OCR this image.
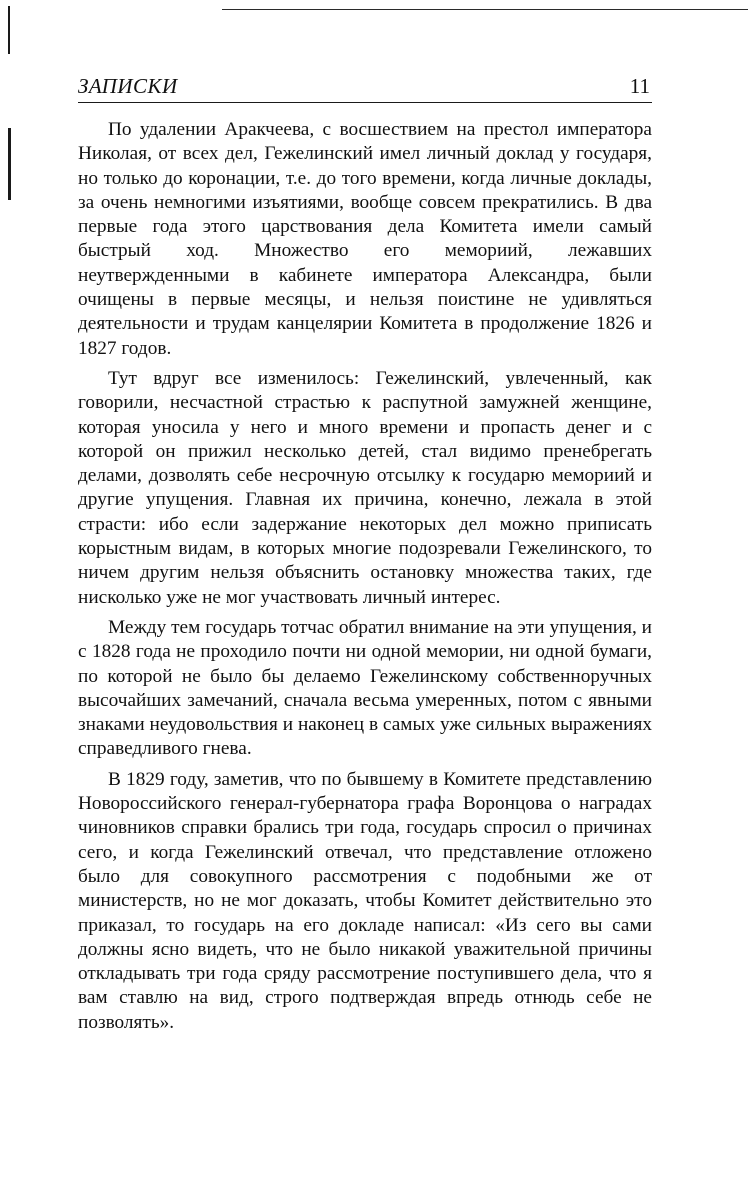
ЗАПИСКИ	11

По удалении Аракчеева, с восшествием на престол императора Николая, от всех дел, Гежелинский имел личный доклад у государя, но только до коронации, т.е. до того времени, когда личные доклады, за очень немногими изъятиями, вообще совсем прекратились. В два первые года этого царствования дела Комитета имели самый быстрый ход. Множество его мемориий, лежавших неутвержденными в кабинете императора Александра, были очищены в первые месяцы, и нельзя поистине не удивляться деятельности и трудам канцелярии Комитета в продолжение 1826 и 1827 годов.

Тут вдруг все изменилось: Гежелинский, увлеченный, как говорили, несчастной страстью к распутной замужней женщине, которая уносила у него и много времени и пропасть денег и с которой он прижил несколько детей, стал видимо пренебрегать делами, дозволять себе несрочную отсылку к государю мемориий и другие упущения. Главная их причина, конечно, лежала в этой страсти: ибо если задержание некоторых дел можно приписать корыстным видам, в которых многие подозревали Гежелинского, то ничем другим нельзя объяснить остановку множества таких, где нисколько уже не мог участвовать личный интерес.

Между тем государь тотчас обратил внимание на эти упущения, и с 1828 года не проходило почти ни одной мемории, ни одной бумаги, по которой не было бы делаемо Гежелинскому собственноручных высочайших замечаний, сначала весьма умеренных, потом с явными знаками неудовольствия и наконец в самых уже сильных выражениях справедливого гнева.

В 1829 году, заметив, что по бывшему в Комитете представлению Новороссийского генерал-губернатора графа Воронцова о наградах чиновников справки брались три года, государь спросил о причинах сего, и когда Гежелинский отвечал, что представление отложено было для совокупного рассмотрения с подобными же от министерств, но не мог доказать, чтобы Комитет действительно это приказал, то государь на его докладе написал: «Из сего вы сами должны ясно видеть, что не было никакой уважительной причины откладывать три года сряду рассмотрение поступившего дела, что я вам ставлю на вид, строго подтверждая впредь отнюдь себе не позволять».
